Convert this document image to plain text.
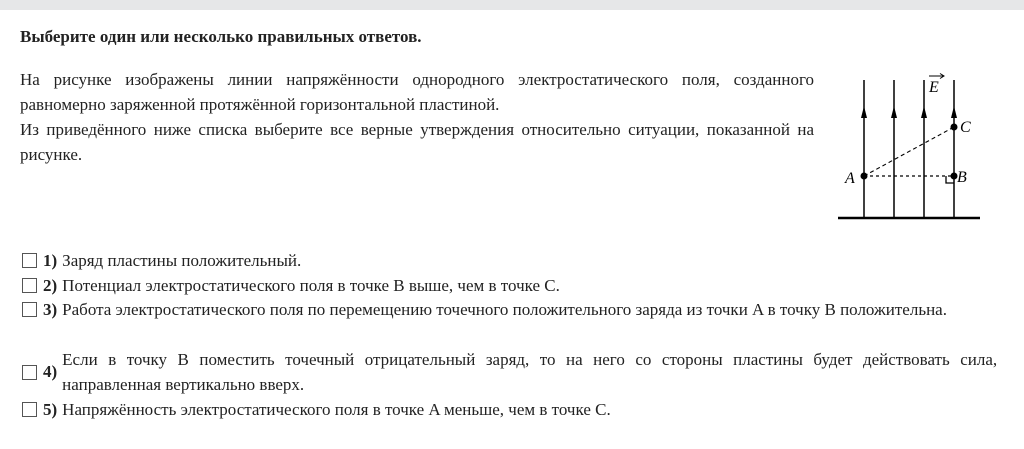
Выберите один или несколько правильных ответов.

На рисунке изображены линии напряжённости однородного электростатического поля, созданного равномерно заряженной протяжённой горизонтальной пластиной.

Из приведённого ниже списка выберите все верные утверждения относительно ситуации, показанной на рисунке.

E
A	B
C
1) Заряд пластины положительный.
2) Потенциал электростатического поля в точке B выше, чем в точке C.
3) Работа электростатического поля по перемещению точечного положительного заряда из точки A в точку B положительна.
4)
Если в точку B поместить точечный отрицательный заряд, то на него со стороны пластины будет действовать сила, направленная вертикально вверх.
5) Напряжённость электростатического поля в точке A меньше, чем в точке C.
